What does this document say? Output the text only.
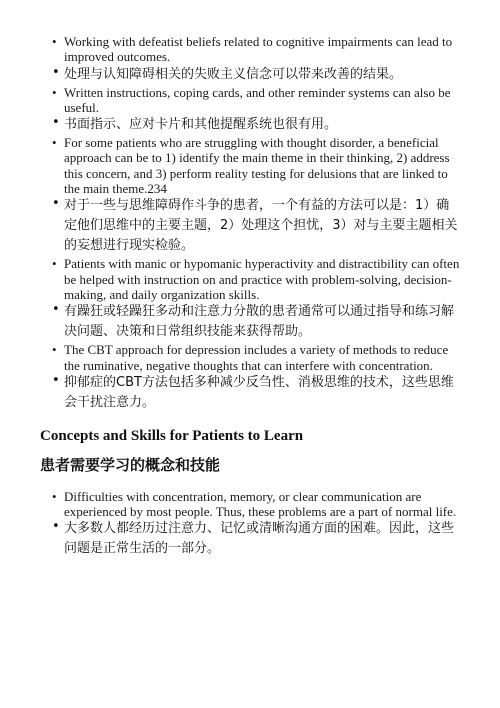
• Working with defeatist beliefs related to cognitive impairments can lead to improved outcomes.
• 处理与认知障碍相关的失败主义信念可以带来改善的结果。
• Written instructions, coping cards, and other reminder systems can also be useful.
• 书面指示、应对卡片和其他提醒系统也很有用。
• For some patients who are struggling with thought disorder, a beneficial approach can be to 1) identify the main theme in their thinking, 2) address this concern, and 3) perform reality testing for delusions that are linked to the main theme.234
• 对于一些与思维障碍作斗争的患者，一个有益的方法可以是：1）确定他们思维中的主要主题，2）处理这个担忧，3）对与主要主题相关的妄想进行现实检验。
• Patients with manic or hypomanic hyperactivity and distractibility can often be helped with instruction on and practice with problem-solving, decision-making, and daily organization skills.
• 有躁狂或轻躁狂多动和注意力分散的患者通常可以通过指导和练习解决问题、决策和日常组织技能来获得帮助。
• The CBT approach for depression includes a variety of methods to reduce the ruminative, negative thoughts that can interfere with concentration.
• 抑郁症的CBT方法包括多种减少反刍性、消极思维的技术，这些思维会干扰注意力。
Concepts and Skills for Patients to Learn
患者需要学习的概念和技能
• Difficulties with concentration, memory, or clear communication are experienced by most people. Thus, these problems are a part of normal life.
• 大多数人都经历过注意力、记忆或清晰沟通方面的困难。因此，这些问题是正常生活的一部分。
